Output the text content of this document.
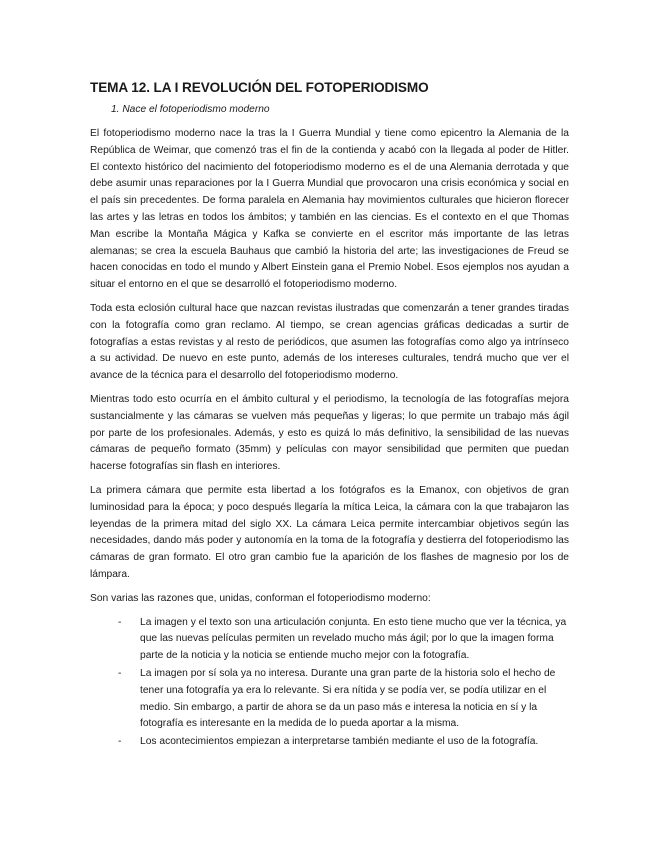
TEMA 12. LA I REVOLUCIÓN DEL FOTOPERIODISMO
1. Nace el fotoperiodismo moderno

El fotoperiodismo moderno nace la tras la I Guerra Mundial y tiene como epicentro la Alemania de la República de Weimar, que comenzó tras el fin de la contienda y acabó con la llegada al poder de Hitler. El contexto histórico del nacimiento del fotoperiodismo moderno es el de una Alemania derrotada y que debe asumir unas reparaciones por la I Guerra Mundial que provocaron una crisis económica y social en el país sin precedentes. De forma paralela en Alemania hay movimientos culturales que hicieron florecer las artes y las letras en todos los ámbitos; y también en las ciencias. Es el contexto en el que Thomas Man escribe la Montaña Mágica y Kafka se convierte en el escritor más importante de las letras alemanas; se crea la escuela Bauhaus que cambió la historia del arte; las investigaciones de Freud se hacen conocidas en todo el mundo y Albert Einstein gana el Premio Nobel. Esos ejemplos nos ayudan a situar el entorno en el que se desarrolló el fotoperiodismo moderno.

Toda esta eclosión cultural hace que nazcan revistas ilustradas que comenzarán a tener grandes tiradas con la fotografía como gran reclamo. Al tiempo, se crean agencias gráficas dedicadas a surtir de fotografías a estas revistas y al resto de periódicos, que asumen las fotografías como algo ya intrínseco a su actividad. De nuevo en este punto, además de los intereses culturales, tendrá mucho que ver el avance de la técnica para el desarrollo del fotoperiodismo moderno.

Mientras todo esto ocurría en el ámbito cultural y el periodismo, la tecnología de las fotografías mejora sustancialmente y las cámaras se vuelven más pequeñas y ligeras; lo que permite un trabajo más ágil por parte de los profesionales. Además, y esto es quizá lo más definitivo, la sensibilidad de las nuevas cámaras de pequeño formato (35mm) y películas con mayor sensibilidad que permiten que puedan hacerse fotografías sin flash en interiores.

La primera cámara que permite esta libertad a los fotógrafos es la Emanox, con objetivos de gran luminosidad para la época; y poco después llegaría la mítica Leica, la cámara con la que trabajaron las leyendas de la primera mitad del siglo XX. La cámara Leica permite intercambiar objetivos según las necesidades, dando más poder y autonomía en la toma de la fotografía y destierra del fotoperiodismo las cámaras de gran formato. El otro gran cambio fue la aparición de los flashes de magnesio por los de lámpara.

Son varias las razones que, unidas, conforman el fotoperiodismo moderno:

- La imagen y el texto son una articulación conjunta. En esto tiene mucho que ver la técnica, ya que las nuevas películas permiten un revelado mucho más ágil; por lo que la imagen forma parte de la noticia y la noticia se entiende mucho mejor con la fotografía.
- La imagen por sí sola ya no interesa. Durante una gran parte de la historia solo el hecho de tener una fotografía ya era lo relevante. Si era nítida y se podía ver, se podía utilizar en el medio. Sin embargo, a partir de ahora se da un paso más e interesa la noticia en sí y la fotografía es interesante en la medida de lo pueda aportar a la misma.
- Los acontecimientos empiezan a interpretarse también mediante el uso de la fotografía.
